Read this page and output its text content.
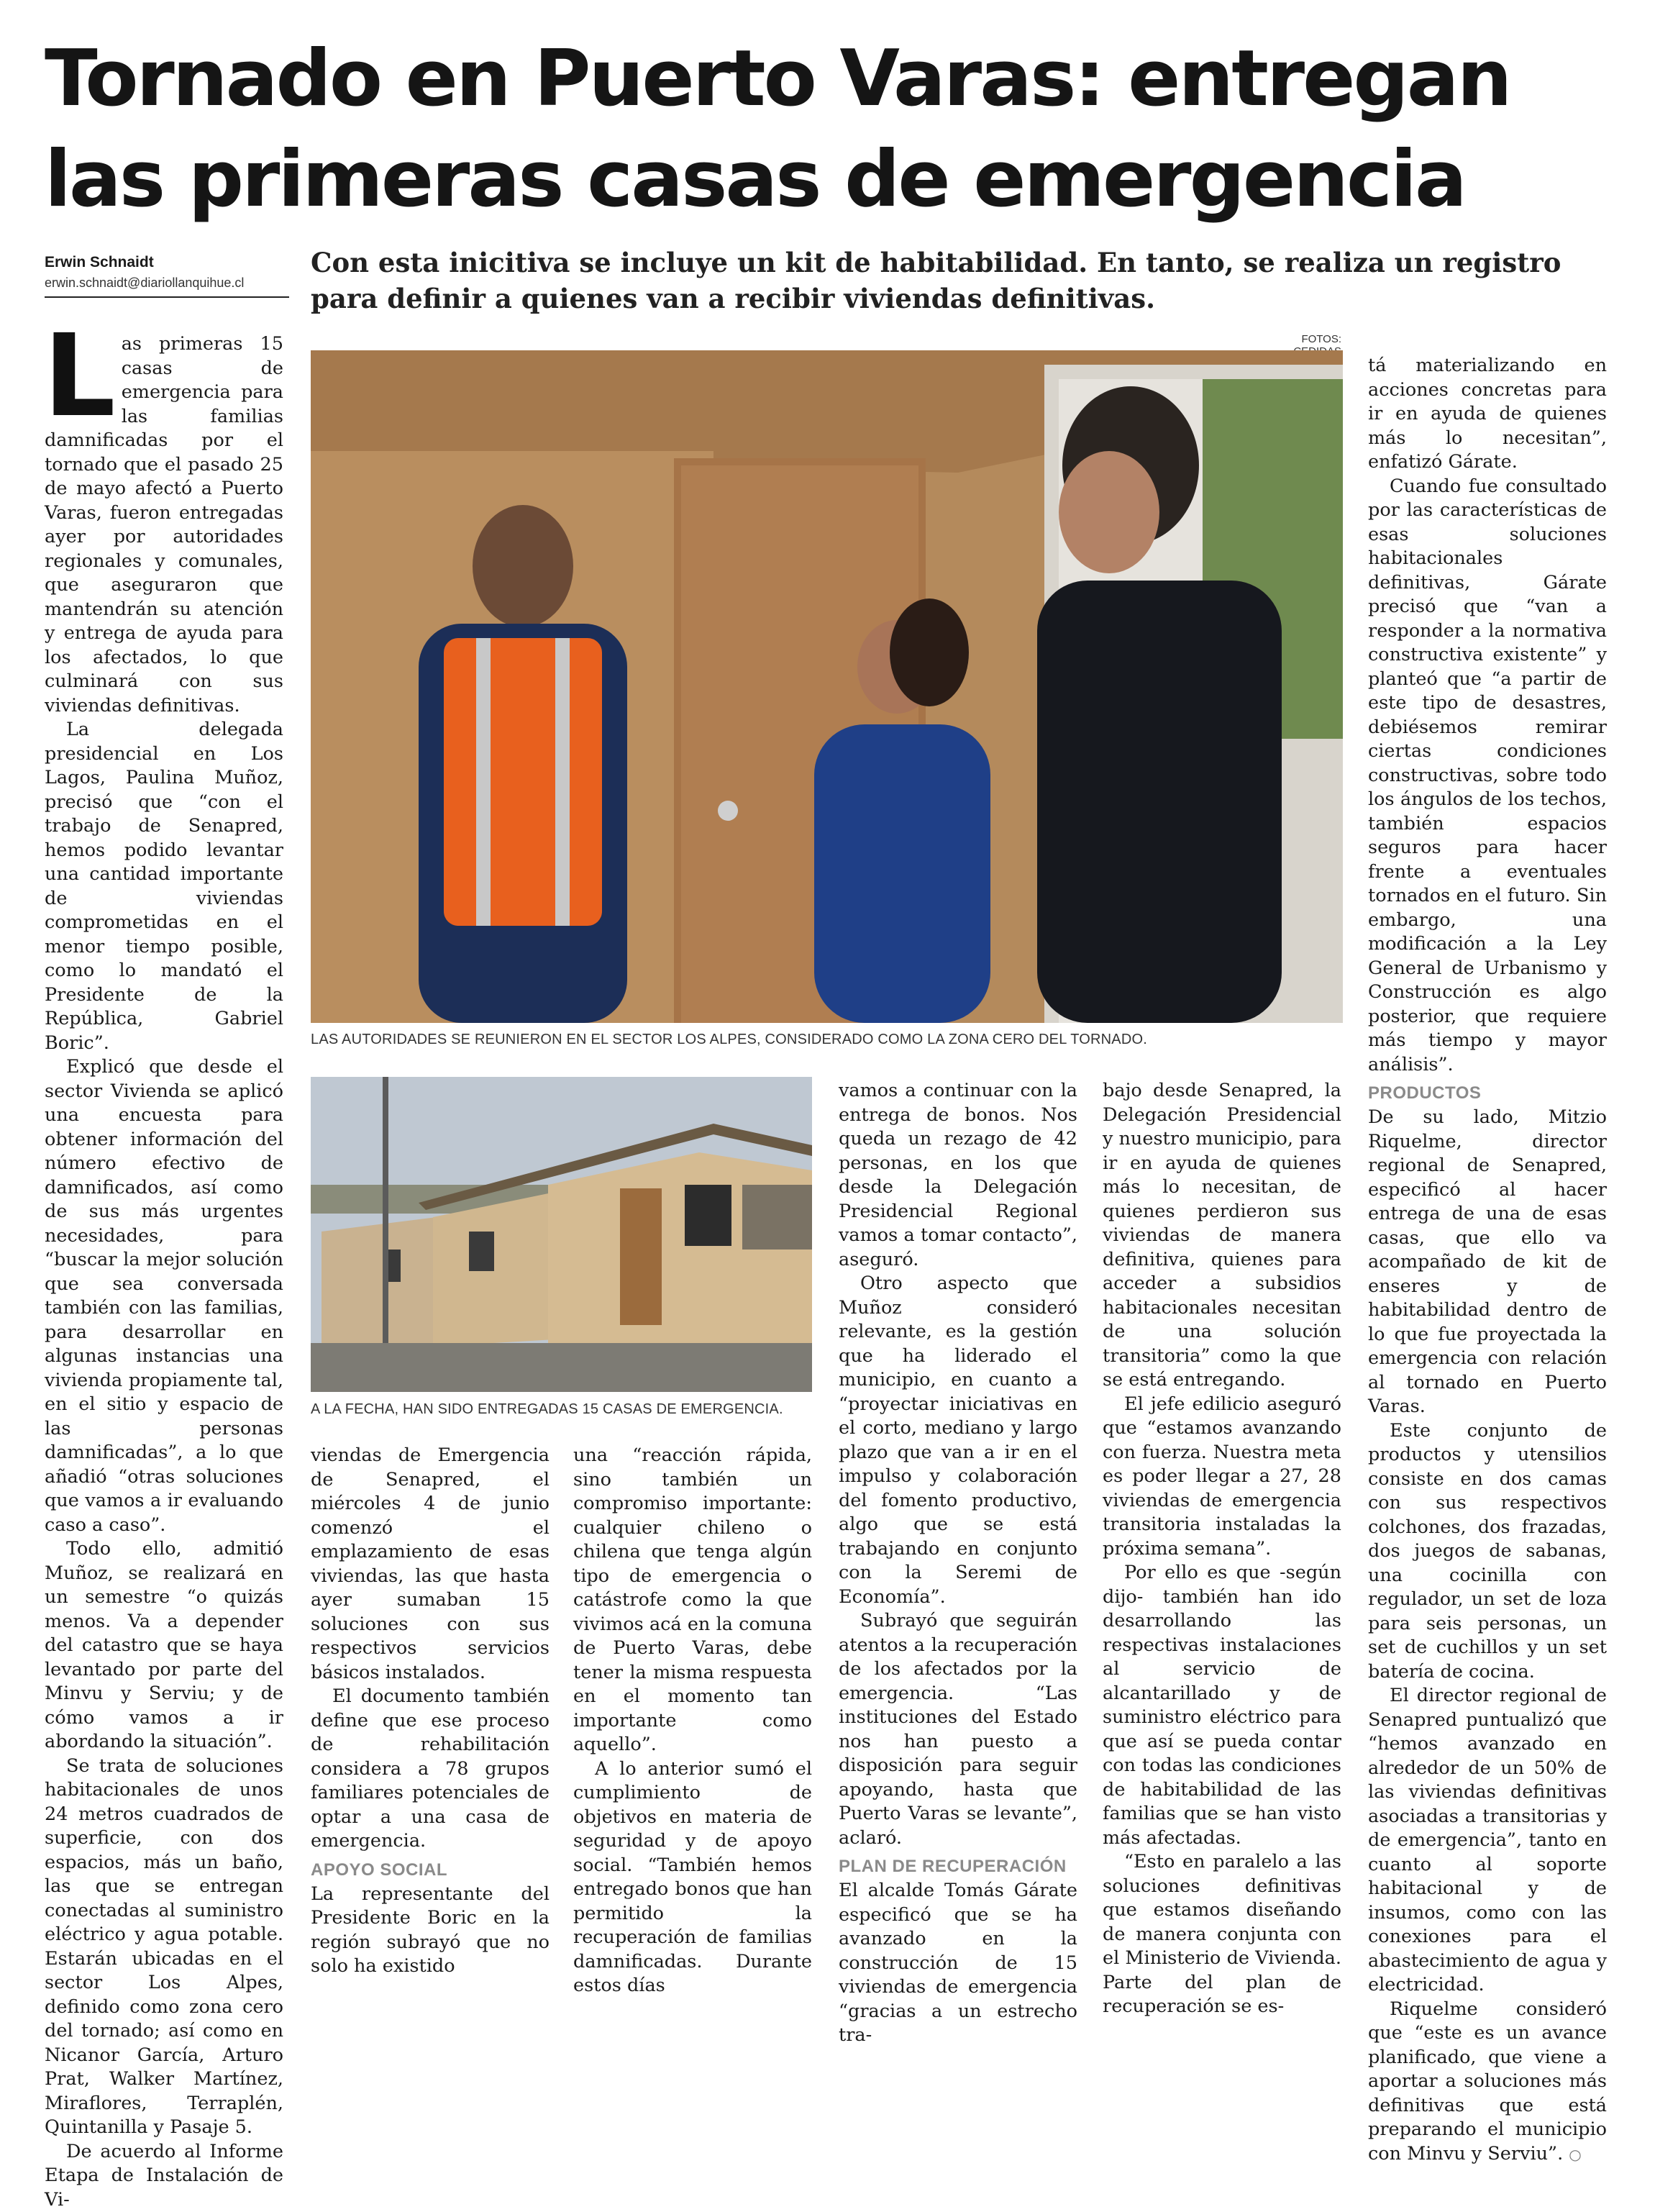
Tornado en Puerto Varas: entregan las primeras casas de emergencia
Erwin Schnaidt
erwin.schnaidt@diariollanquihue.cl
Con esta inicitiva se incluye un kit de habitabilidad. En tanto, se realiza un registro para definir a quienes van a recibir viviendas definitivas.
FOTOS:
LAS AUTORIDADES SE REUNIERON EN EL SECTOR LOS ALPES, CONSIDERADO COMO LA ZONA CERO DEL TORNADO.
A LA FECHA, HAN SIDO ENTREGADAS 15 CASAS DE EMERGENCIA.

Las primeras 15 casas de emergencia para las familias damnificadas por el tornado que el pasado 25 de mayo afectó a Puerto Varas, fueron entregadas ayer por autoridades regionales y comunales, que aseguraron que mantendrán su atención y entrega de ayuda para los afectados, lo que culminará con sus viviendas definitivas.

La delegada presidencial en Los Lagos, Paulina Muñoz, precisó que “con el trabajo de Senapred, hemos podido levantar una cantidad importante de viviendas comprometidas en el menor tiempo posible, como lo mandató el Presidente de la República, Gabriel Boric”.

Explicó que desde el sector Vivienda se aplicó una encuesta para obtener información del número efectivo de damnificados, así como de sus más urgentes necesidades, para “buscar la mejor solución que sea conversada también con las familias, para desarrollar en algunas instancias una vivienda propiamente tal, en el sitio y espacio de las personas damnificadas”, a lo que añadió “otras soluciones que vamos a ir evaluando caso a caso”.

Todo ello, admitió Muñoz, se realizará en un semestre “o quizás menos. Va a depender del catastro que se haya levantado por parte del Minvu y Serviu; y de cómo vamos a ir abordando la situación”.

Se trata de soluciones habitacionales de unos 24 metros cuadrados de superficie, con dos espacios, más un baño, las que se entregan conectadas al suministro eléctrico y agua potable. Estarán ubicadas en el sector Los Alpes, definido como zona cero del tornado; así como en Nicanor García, Arturo Prat, Walker Martínez, Miraflores, Terraplén, Quintanilla y Pasaje 5.

De acuerdo al Informe Etapa de Instalación de Vi-

viendas de Emergencia de Senapred, el miércoles 4 de junio comenzó el emplazamiento de esas viviendas, las que hasta ayer sumaban 15 soluciones con sus respectivos servicios básicos instalados.

El documento también define que ese proceso de rehabilitación considera a 78 grupos familiares potenciales de optar a una casa de emergencia.

APOYO SOCIAL

La representante del Presidente Boric en la región subrayó que no solo ha existido

una “reacción rápida, sino también un compromiso importante: cualquier chileno o chilena que tenga algún tipo de emergencia o catástrofe como la que vivimos acá en la comuna de Puerto Varas, debe tener la misma respuesta en el momento tan importante como aquello”.

A lo anterior sumó el cumplimiento de objetivos en materia de seguridad y de apoyo social. “También hemos entregado bonos que han permitido la recuperación de familias damnificadas. Durante estos días

vamos a continuar con la entrega de bonos. Nos queda un rezago de 42 personas, en los que desde la Delegación Presidencial Regional vamos a tomar contacto”, aseguró.

Otro aspecto que Muñoz consideró relevante, es la gestión que ha liderado el municipio, en cuanto a “proyectar iniciativas en el corto, mediano y largo plazo que van a ir en el impulso y colaboración del fomento productivo, algo que se está trabajando en conjunto con la Seremi de Economía”.

Subrayó que seguirán atentos a la recuperación de los afectados por la emergencia. “Las instituciones del Estado nos han puesto a disposición para seguir apoyando, hasta que Puerto Varas se levante”, aclaró.

PLAN DE RECUPERACIÓN

El alcalde Tomás Gárate especificó que se ha avanzado en la construcción de 15 viviendas de emergencia “gracias a un estrecho tra-

bajo desde Senapred, la Delegación Presidencial y nuestro municipio, para ir en ayuda de quienes más lo necesitan, de quienes perdieron sus viviendas de manera definitiva, quienes para acceder a subsidios habitacionales necesitan de una solución transitoria” como la que se está entregando.

El jefe edilicio aseguró que “estamos avanzando con fuerza. Nuestra meta es poder llegar a 27, 28 viviendas de emergencia transitoria instaladas la próxima semana”.

Por ello es que -según dijo- también han ido desarrollando las respectivas instalaciones al servicio de alcantarillado y de suministro eléctrico para que así se pueda contar con todas las condiciones de habitabilidad de las familias que se han visto más afectadas.

“Esto en paralelo a las soluciones definitivas que estamos diseñando de manera conjunta con el Ministerio de Vivienda. Parte del plan de recuperación se es-

tá materializando en acciones concretas para ir en ayuda de quienes más lo necesitan”, enfatizó Gárate.

Cuando fue consultado por las características de esas soluciones habitacionales definitivas, Gárate precisó que “van a responder a la normativa constructiva existente” y planteó que “a partir de este tipo de desastres, debiésemos remirar ciertas condiciones constructivas, sobre todo los ángulos de los techos, también espacios seguros para hacer frente a eventuales tornados en el futuro. Sin embargo, una modificación a la Ley General de Urbanismo y Construcción es algo posterior, que requiere más tiempo y mayor análisis”.

PRODUCTOS

De su lado, Mitzio Riquelme, director regional de Senapred, especificó al hacer entrega de una de esas casas, que ello va acompañado de kit de enseres y de habitabilidad dentro de lo que fue proyectada la emergencia con relación al tornado en Puerto Varas.

Este conjunto de productos y utensilios consiste en dos camas con sus respectivos colchones, dos frazadas, dos juegos de sabanas, una cocinilla con regulador, un set de loza para seis personas, un set de cuchillos y un set batería de cocina.

El director regional de Senapred puntualizó que “hemos avanzado en alrededor de un 50% de las viviendas definitivas asociadas a transitorias y de emergencia”, tanto en cuanto al soporte habitacional y de insumos, como con las conexiones para el abastecimiento de agua y electricidad.

Riquelme consideró que “este es un avance planificado, que viene a aportar a soluciones más definitivas que está preparando el municipio con Minvu y Serviu”. ○
